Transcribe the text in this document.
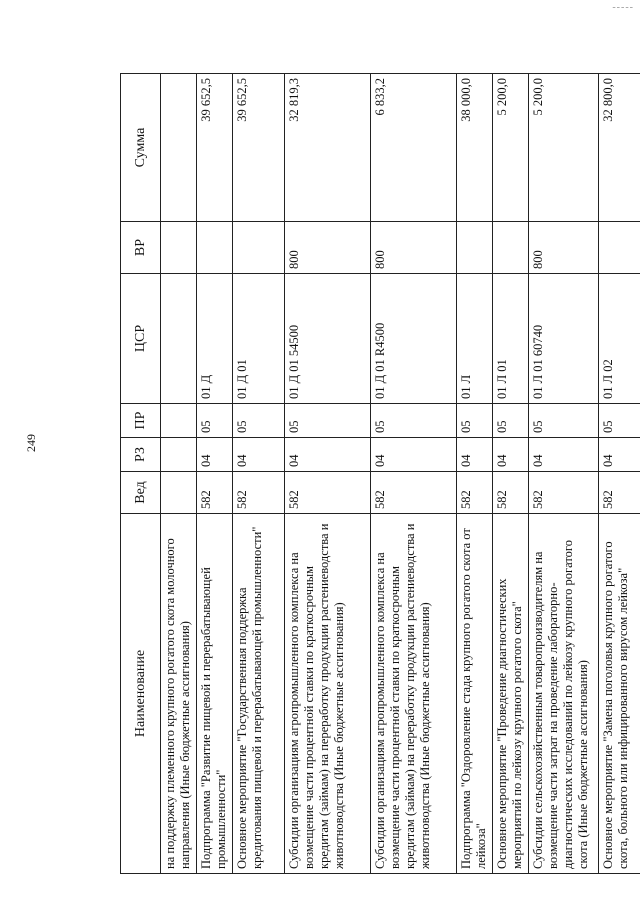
-----
249
Наименование	Вед	РЗ	ПР	ЦСР	ВР	Сумма
на поддержку племенного крупного рогатого скота молочного направления (Иные бюджетные ассигнования)						
Подпрограмма "Развитие пищевой и перерабатывающей промышленности"	582	04	05	01 Д		39 652,5
Основное мероприятие "Государственная поддержка кредитования пищевой и перерабатывающей промышленности"	582	04	05	01 Д 01		39 652,5
Субсидии организациям агропромышленного комплекса на возмещение части процентной ставки по краткосрочным кредитам (займам) на переработку продукции растениеводства и животноводства (Иные бюджетные ассигнования)	582	04	05	01 Д 01 54500	800	32 819,3
Субсидии организациям агропромышленного комплекса на возмещение части процентной ставки по краткосрочным кредитам (займам) на переработку продукции растениеводства и животноводства (Иные бюджетные ассигнования)	582	04	05	01 Д 01 R4500	800	6 833,2
Подпрограмма "Оздоровление стада крупного рогатого скота от лейкоза"	582	04	05	01 Л		38 000,0
Основное мероприятие "Проведение диагностических мероприятий по лейкозу крупного рогатого скота"	582	04	05	01 Л 01		5 200,0
Субсидии сельскохозяйственным товаропроизводителям на возмещение части затрат на проведение лабораторно-диагностических исследований по лейкозу крупного рогатого скота (Иные бюджетные ассигнования)	582	04	05	01 Л 01 60740	800	5 200,0
Основное мероприятие "Замена поголовья крупного рогатого скота, больного или инфицированного вирусом лейкоза"	582	04	05	01 Л 02		32 800,0
